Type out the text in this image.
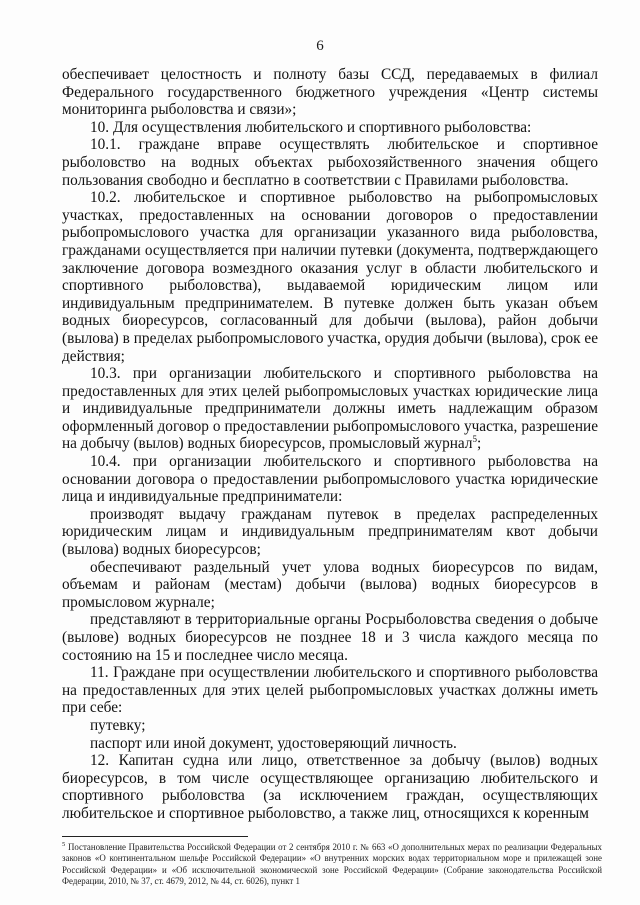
6

обеспечивает целостность и полноту базы ССД, передаваемых в филиал Федерального государственного бюджетного учреждения «Центр системы мониторинга рыболовства и связи»;

10. Для осуществления любительского и спортивного рыболовства:

10.1. граждане вправе осуществлять любительское и спортивное рыболовство на водных объектах рыбохозяйственного значения общего пользования свободно и бесплатно в соответствии с Правилами рыболовства.

10.2. любительское и спортивное рыболовство на рыбопромысловых участках, предоставленных на основании договоров о предоставлении рыбопромыслового участка для организации указанного вида рыболовства, гражданами осуществляется при наличии путевки (документа, подтверждающего заключение договора возмездного оказания услуг в области любительского и спортивного рыболовства), выдаваемой юридическим лицом или индивидуальным предпринимателем. В путевке должен быть указан объем водных биоресурсов, согласованный для добычи (вылова), район добычи (вылова) в пределах рыбопромыслового участка, орудия добычи (вылова), срок ее действия;

10.3. при организации любительского и спортивного рыболовства на предоставленных для этих целей рыбопромысловых участках юридические лица и индивидуальные предприниматели должны иметь надлежащим образом оформленный договор о предоставлении рыбопромыслового участка, разрешение на добычу (вылов) водных биоресурсов, промысловый журнал$^5$;

10.4. при организации любительского и спортивного рыболовства на основании договора о предоставлении рыбопромыслового участка юридические лица и индивидуальные предприниматели:

производят выдачу гражданам путевок в пределах распределенных юридическим лицам и индивидуальным предпринимателям квот добычи (вылова) водных биоресурсов;

обеспечивают раздельный учет улова водных биоресурсов по видам, объемам и районам (местам) добычи (вылова) водных биоресурсов в промысловом журнале;

представляют в территориальные органы Росрыболовства сведения о добыче (вылове) водных биоресурсов не позднее 18 и 3 числа каждого месяца по состоянию на 15 и последнее число месяца.

11. Граждане при осуществлении любительского и спортивного рыболовства на предоставленных для этих целей рыбопромысловых участках должны иметь при себе:

путевку;

паспорт или иной документ, удостоверяющий личность.

12. Капитан судна или лицо, ответственное за добычу (вылов) водных биоресурсов, в том числе осуществляющее организацию любительского и спортивного рыболовства (за исключением граждан, осуществляющих любительское и спортивное рыболовство, а также лиц, относящихся к коренным

$^5$ Постановление Правительства Российской Федерации от 2 сентября 2010 г. № 663 «О дополнительных мерах по реализации Федеральных законов «О континентальном шельфе Российской Федерации» «О внутренних морских водах территориальном море и прилежащей зоне Российской Федерации» и «Об исключительной экономической зоне Российской Федерации» (Собрание законодательства Российской Федерации, 2010, № 37, ст. 4679, 2012, № 44, ст. 6026), пункт 1
